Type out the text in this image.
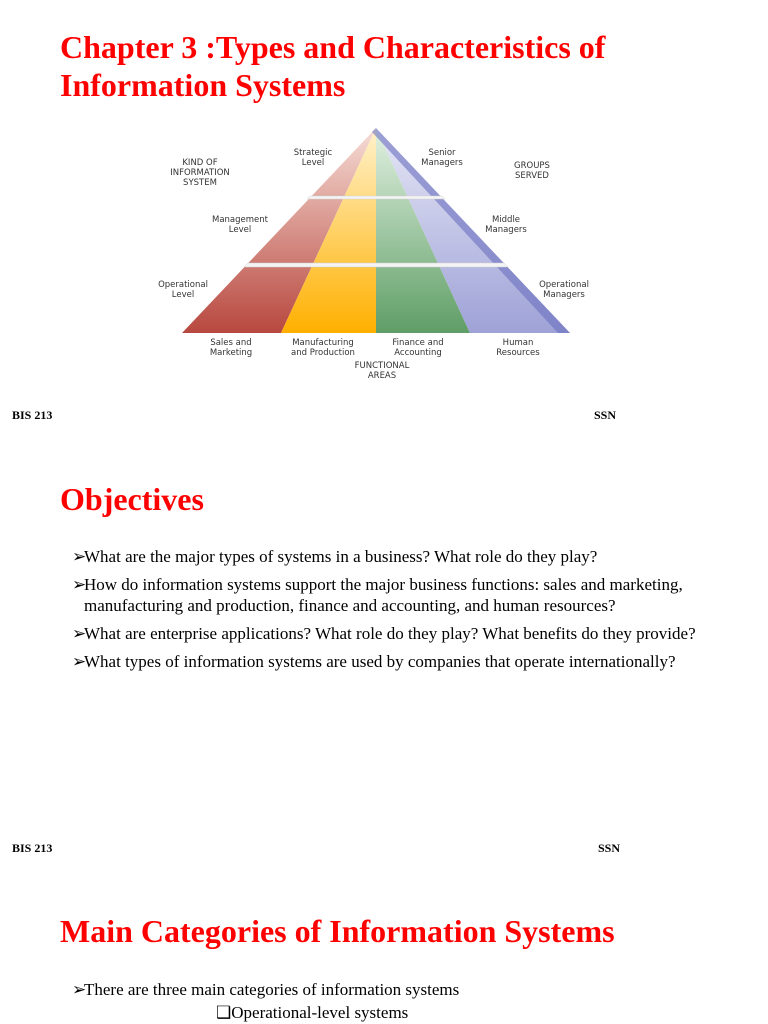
Chapter 3 :Types and Characteristics of
Information Systems
KIND OF
INFORMATION
SYSTEM
GROUPS
SERVED
Strategic
Level
Management
Level
Operational
Level
Senior
Managers
Middle
Managers
Operational
Managers
Sales and
Marketing
Manufacturing
and Production
Finance and
Accounting
Human
Resources
FUNCTIONAL
AREAS
BIS 213	SSN
Objectives
➢
What are the major types of systems in a business? What role do they play?
➢
How do information systems support the major business functions: sales and marketing, manufacturing and production, finance and accounting, and human resources?
➢
What are enterprise applications? What role do they play? What benefits do they provide?
➢
What types of information systems are used by companies that operate internationally?
BIS 213	SSN
Main Categories of Information Systems
➢
There are three main categories of information systems
❑Operational-level systems
